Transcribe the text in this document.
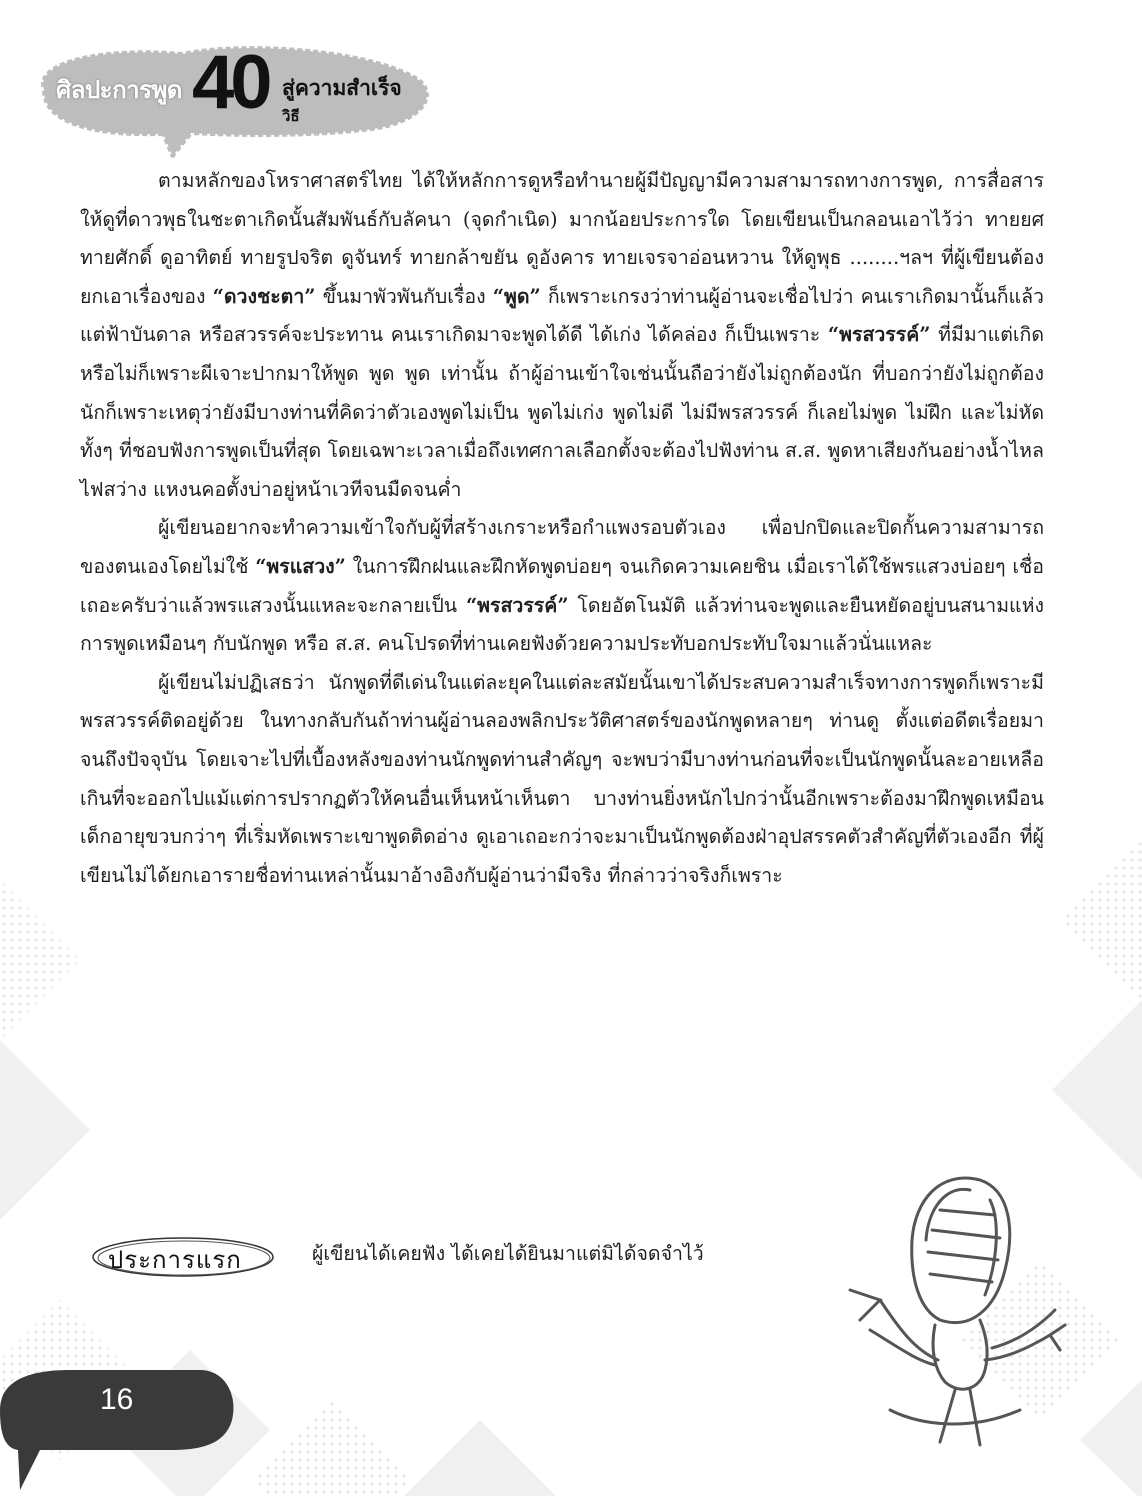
ศิลปะการพูด 40 สู่ความสำเร็จ
วิธี

ตามหลักของโหราศาสตร์ไทย ได้ให้หลักการดูหรือทำนายผู้มีปัญญามีความสามารถทางการพูด, การสื่อสาร ให้ดูที่ดาวพุธในชะตาเกิดนั้นสัมพันธ์กับลัคนา (จุดกำเนิด) มากน้อยประการใด โดยเขียนเป็นกลอนเอาไว้ว่า ทายยศ ทายศักดิ์ ดูอาทิตย์ ทายรูปจริต ดูจันทร์ ทายกล้าขยัน ดูอังคาร ทายเจรจาอ่อนหวาน ให้ดูพุธ ........ฯลฯ ที่ผู้เขียนต้องยกเอาเรื่องของ “ดวงชะตา” ขึ้นมาพัวพันกับเรื่อง “พูด” ก็เพราะเกรงว่าท่านผู้อ่านจะเชื่อไปว่า คนเราเกิดมานั้นก็แล้วแต่ฟ้าบันดาล หรือสวรรค์จะประทาน คนเราเกิดมาจะพูดได้ดี ได้เก่ง ได้คล่อง ก็เป็นเพราะ “พรสวรรค์” ที่มีมาแต่เกิด หรือไม่ก็เพราะผีเจาะปากมาให้พูด พูด พูด เท่านั้น ถ้าผู้อ่านเข้าใจเช่นนั้นถือว่ายังไม่ถูกต้องนัก ที่บอกว่ายังไม่ถูกต้องนักก็เพราะเหตุว่ายังมีบางท่านที่คิดว่าตัวเองพูดไม่เป็น พูดไม่เก่ง พูดไม่ดี ไม่มีพรสวรรค์ ก็เลยไม่พูด ไม่ฝึก และไม่หัด ทั้งๆ ที่ชอบฟังการพูดเป็นที่สุด โดยเฉพาะเวลาเมื่อถึงเทศกาลเลือกตั้งจะต้องไปฟังท่าน ส.ส. พูดหาเสียงกันอย่างน้ำไหล ไฟสว่าง แหงนคอตั้งบ่าอยู่หน้าเวทีจนมืดจนค่ำ

ผู้เขียนอยากจะทำความเข้าใจกับผู้ที่สร้างเกราะหรือกำแพงรอบตัวเอง เพื่อปกปิดและปิดกั้นความสามารถของตนเองโดยไม่ใช้ “พรแสวง” ในการฝึกฝนและฝึกหัดพูดบ่อยๆ จนเกิดความเคยชิน เมื่อเราได้ใช้พรแสวงบ่อยๆ เชื่อเถอะครับว่าแล้วพรแสวงนั้นแหละจะกลายเป็น “พรสวรรค์” โดยอัตโนมัติ แล้วท่านจะพูดและยืนหยัดอยู่บนสนามแห่งการพูดเหมือนๆ กับนักพูด หรือ ส.ส. คนโปรดที่ท่านเคยฟังด้วยความประทับอกประทับใจมาแล้วนั่นแหละ

ผู้เขียนไม่ปฏิเสธว่า นักพูดที่ดีเด่นในแต่ละยุคในแต่ละสมัยนั้นเขาได้ประสบความสำเร็จทางการพูดก็เพราะมีพรสวรรค์ติดอยู่ด้วย ในทางกลับกันถ้าท่านผู้อ่านลองพลิกประวัติศาสตร์ของนักพูดหลายๆ ท่านดู ตั้งแต่อดีตเรื่อยมาจนถึงปัจจุบัน โดยเจาะไปที่เบื้องหลังของท่านนักพูดท่านสำคัญๆ จะพบว่ามีบางท่านก่อนที่จะเป็นนักพูดนั้นละอายเหลือเกินที่จะออกไปแม้แต่การปรากฏตัวให้คนอื่นเห็นหน้าเห็นตา บางท่านยิ่งหนักไปกว่านั้นอีกเพราะต้องมาฝึกพูดเหมือนเด็กอายุขวบกว่าๆ ที่เริ่มหัดเพราะเขาพูดติดอ่าง ดูเอาเถอะกว่าจะมาเป็นนักพูดต้องฝ่าอุปสรรคตัวสำคัญที่ตัวเองอีก ที่ผู้เขียนไม่ได้ยกเอารายชื่อท่านเหล่านั้นมาอ้างอิงกับผู้อ่านว่ามีจริง ที่กล่าวว่าจริงก็เพราะ

ประการแรก	ผู้เขียนได้เคยฟัง ได้เคยได้ยินมาแต่มิได้จดจำไว้
16
